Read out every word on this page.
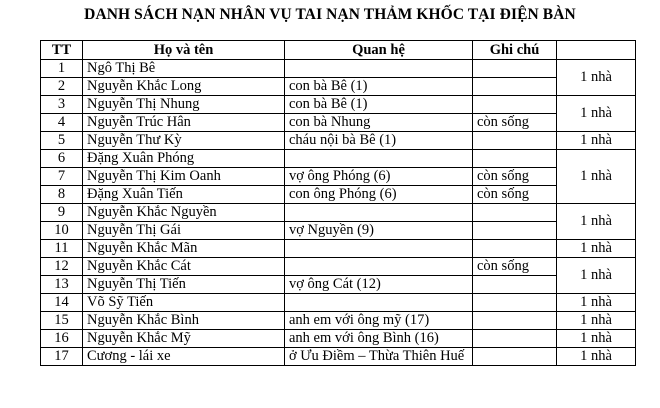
DANH SÁCH NẠN NHÂN VỤ TAI NẠN THẢM KHỐC TẠI ĐIỆN BÀN
TT	Họ và tên	Quan hệ	Ghi chú	
1	Ngô Thị Bê			1 nhà
2	Nguyễn Khắc Long	con bà Bê (1)		
3	Nguyễn Thị Nhung	con bà Bê (1)		1 nhà
4	Nguyễn Trúc Hân	con bà Nhung	còn sống	
5	Nguyễn Thư Kỳ	cháu nội bà Bê (1)		1 nhà
6	Đặng Xuân Phóng			1 nhà
7	Nguyễn Thị Kim Oanh	vợ ông Phóng (6)	còn sống	
8	Đặng Xuân Tiến	con ông Phóng (6)	còn sống	
9	Nguyễn Khắc Nguyền			1 nhà
10	Nguyễn Thị Gái	vợ Nguyền (9)		
11	Nguyễn Khắc Mãn			1 nhà
12	Nguyễn Khắc Cát		còn sống	1 nhà
13	Nguyễn Thị Tiến	vợ ông Cát (12)		
14	Võ Sỹ Tiến			1 nhà
15	Nguyễn Khắc Bình	anh em với ông mỹ (17)		1 nhà
16	Nguyễn Khắc Mỹ	anh em với ông Bình (16)		1 nhà
17	Cương - lái xe	ở Ưu Điềm – Thừa Thiên Huế		1 nhà
